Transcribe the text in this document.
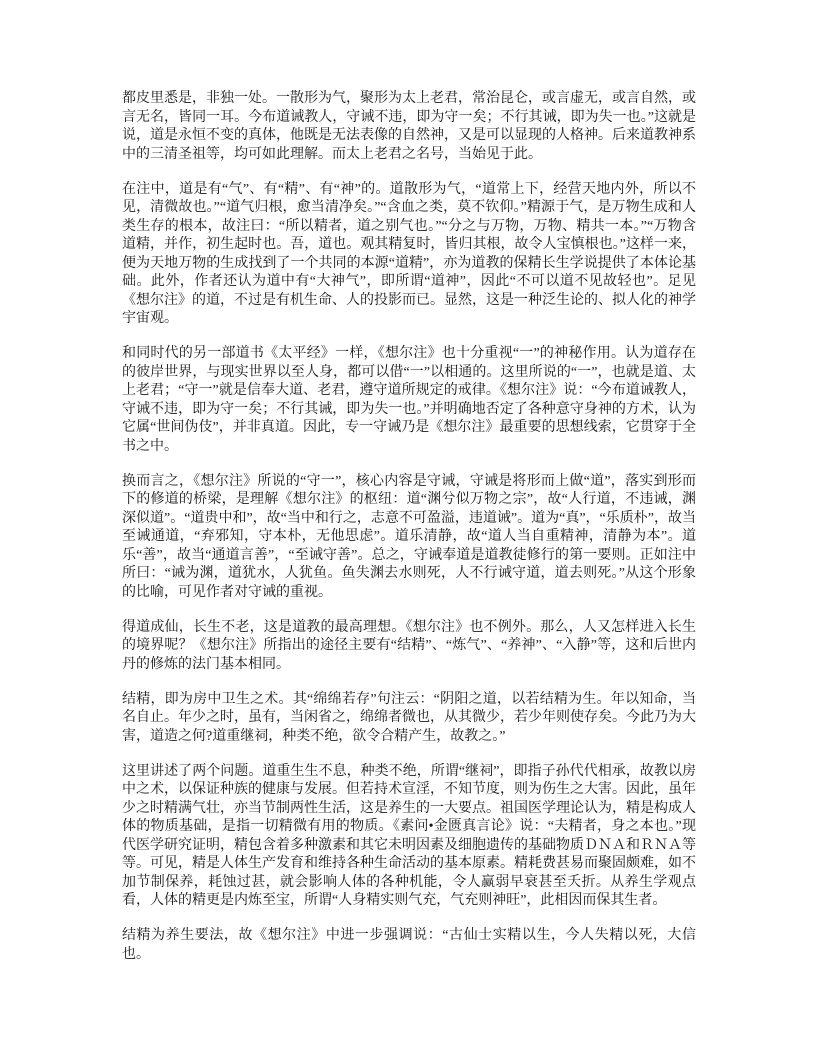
都皮里悉是，非独一处。一散形为气，聚形为太上老君，常治昆仑，或言虚无，或言自然，或言无名，皆同一耳。今布道诫教人，守诫不违，即为守一矣；不行其诫，即为失一也。”这就是说，道是永恒不变的真体，他既是无法表像的自然神，又是可以显现的人格神。后来道教神系中的三清圣祖等，均可如此理解。而太上老君之名号，当始见于此。

在注中，道是有“气”、有“精”、有“神”的。道散形为气，“道常上下，经营天地内外，所以不见，清微故也。”“道气归根，愈当清净矣。”“含血之类，莫不钦仰。”精源于气，是万物生成和人类生存的根本，故注曰：“所以精者，道之别气也。”“分之与万物，万物、精共一本。”“万物含道精，并作，初生起时也。吾，道也。观其精复时，皆归其根，故令人宝慎根也。”这样一来，便为天地万物的生成找到了一个共同的本源“道精”，亦为道教的保精长生学说提供了本体论基础。此外，作者还认为道中有“大神气”，即所谓“道神”，因此“不可以道不见故轻也”。足见《想尔注》的道，不过是有机生命、人的投影而已。显然，这是一种泛生论的、拟人化的神学宇宙观。

和同时代的另一部道书《太平经》一样，《想尔注》也十分重视“一”的神秘作用。认为道存在的彼岸世界，与现实世界以至人身，都可以借“一”以相通的。这里所说的“一”，也就是道、太上老君；“守一”就是信奉大道、老君，遵守道所规定的戒律。《想尔注》说：“今布道诫教人，守诫不违，即为守一矣；不行其诫，即为失一也。”并明确地否定了各种意守身神的方术，认为它属“世间伪伎”，并非真道。因此，专一守诫乃是《想尔注》最重要的思想线索，它贯穿于全书之中。

换而言之，《想尔注》所说的“守一”，核心内容是守诫，守诫是将形而上做“道”，落实到形而下的修道的桥梁，是理解《想尔注》的枢纽：道“渊兮似万物之宗”，故“人行道，不违诫，渊深似道”。“道贵中和”，故“当中和行之，志意不可盈溢，违道诫”。道为“真”，“乐质朴”，故当至诫通道，“弃邪知，守本朴，无他思虑”。道乐清静，故“道人当自重精神，清静为本”。道乐“善”，故当“通道言善”，“至诫守善”。总之，守诫奉道是道教徒修行的第一要则。正如注中所曰：“诫为渊，道犹水，人犹鱼。鱼失渊去水则死，人不行诫守道，道去则死。”从这个形象的比喻，可见作者对守诫的重视。

得道成仙，长生不老，这是道教的最高理想。《想尔注》也不例外。那么，人又怎样进入长生的境界呢？《想尔注》所指出的途径主要有“结精”、“炼气”、“养神”、“入静”等，这和后世内丹的修炼的法门基本相同。

结精，即为房中卫生之术。其“绵绵若存”句注云：“阴阳之道，以若结精为生。年以知命，当名自止。年少之时，虽有，当闲省之，绵绵者微也，从其微少，若少年则使存矣。今此乃为大害，道造之何?道重继祠，种类不绝，欲令合精产生，故教之。”

这里讲述了两个问题。道重生生不息，种类不绝，所谓“继祠”，即指子孙代代相承，故教以房中之术，以保证种族的健康与发展。但若持术宣淫，不知节度，则为伤生之大害。因此，虽年少之时精满气壮，亦当节制两性生活，这是养生的一大要点。祖国医学理论认为，精是构成人体的物质基础，是指一切精微有用的物质。《素问•金匮真言论》说：“夫精者，身之本也。”现代医学研究证明，精包含着多种激素和其它未明因素及细胞遗传的基础物质ＤＮＡ和ＲＮＡ等等。可见，精是人体生产发育和维持各种生命活动的基本原素。精耗费甚易而聚固颇难，如不加节制保养，耗蚀过甚，就会影响人体的各种机能，令人赢弱早衰甚至夭折。从养生学观点看，人体的精更是内炼至宝，所谓“人身精实则气充，气充则神旺”，此相因而保其生者。

结精为养生要法，故《想尔注》中进一步强调说：“古仙士实精以生，今人失精以死，大信也。
